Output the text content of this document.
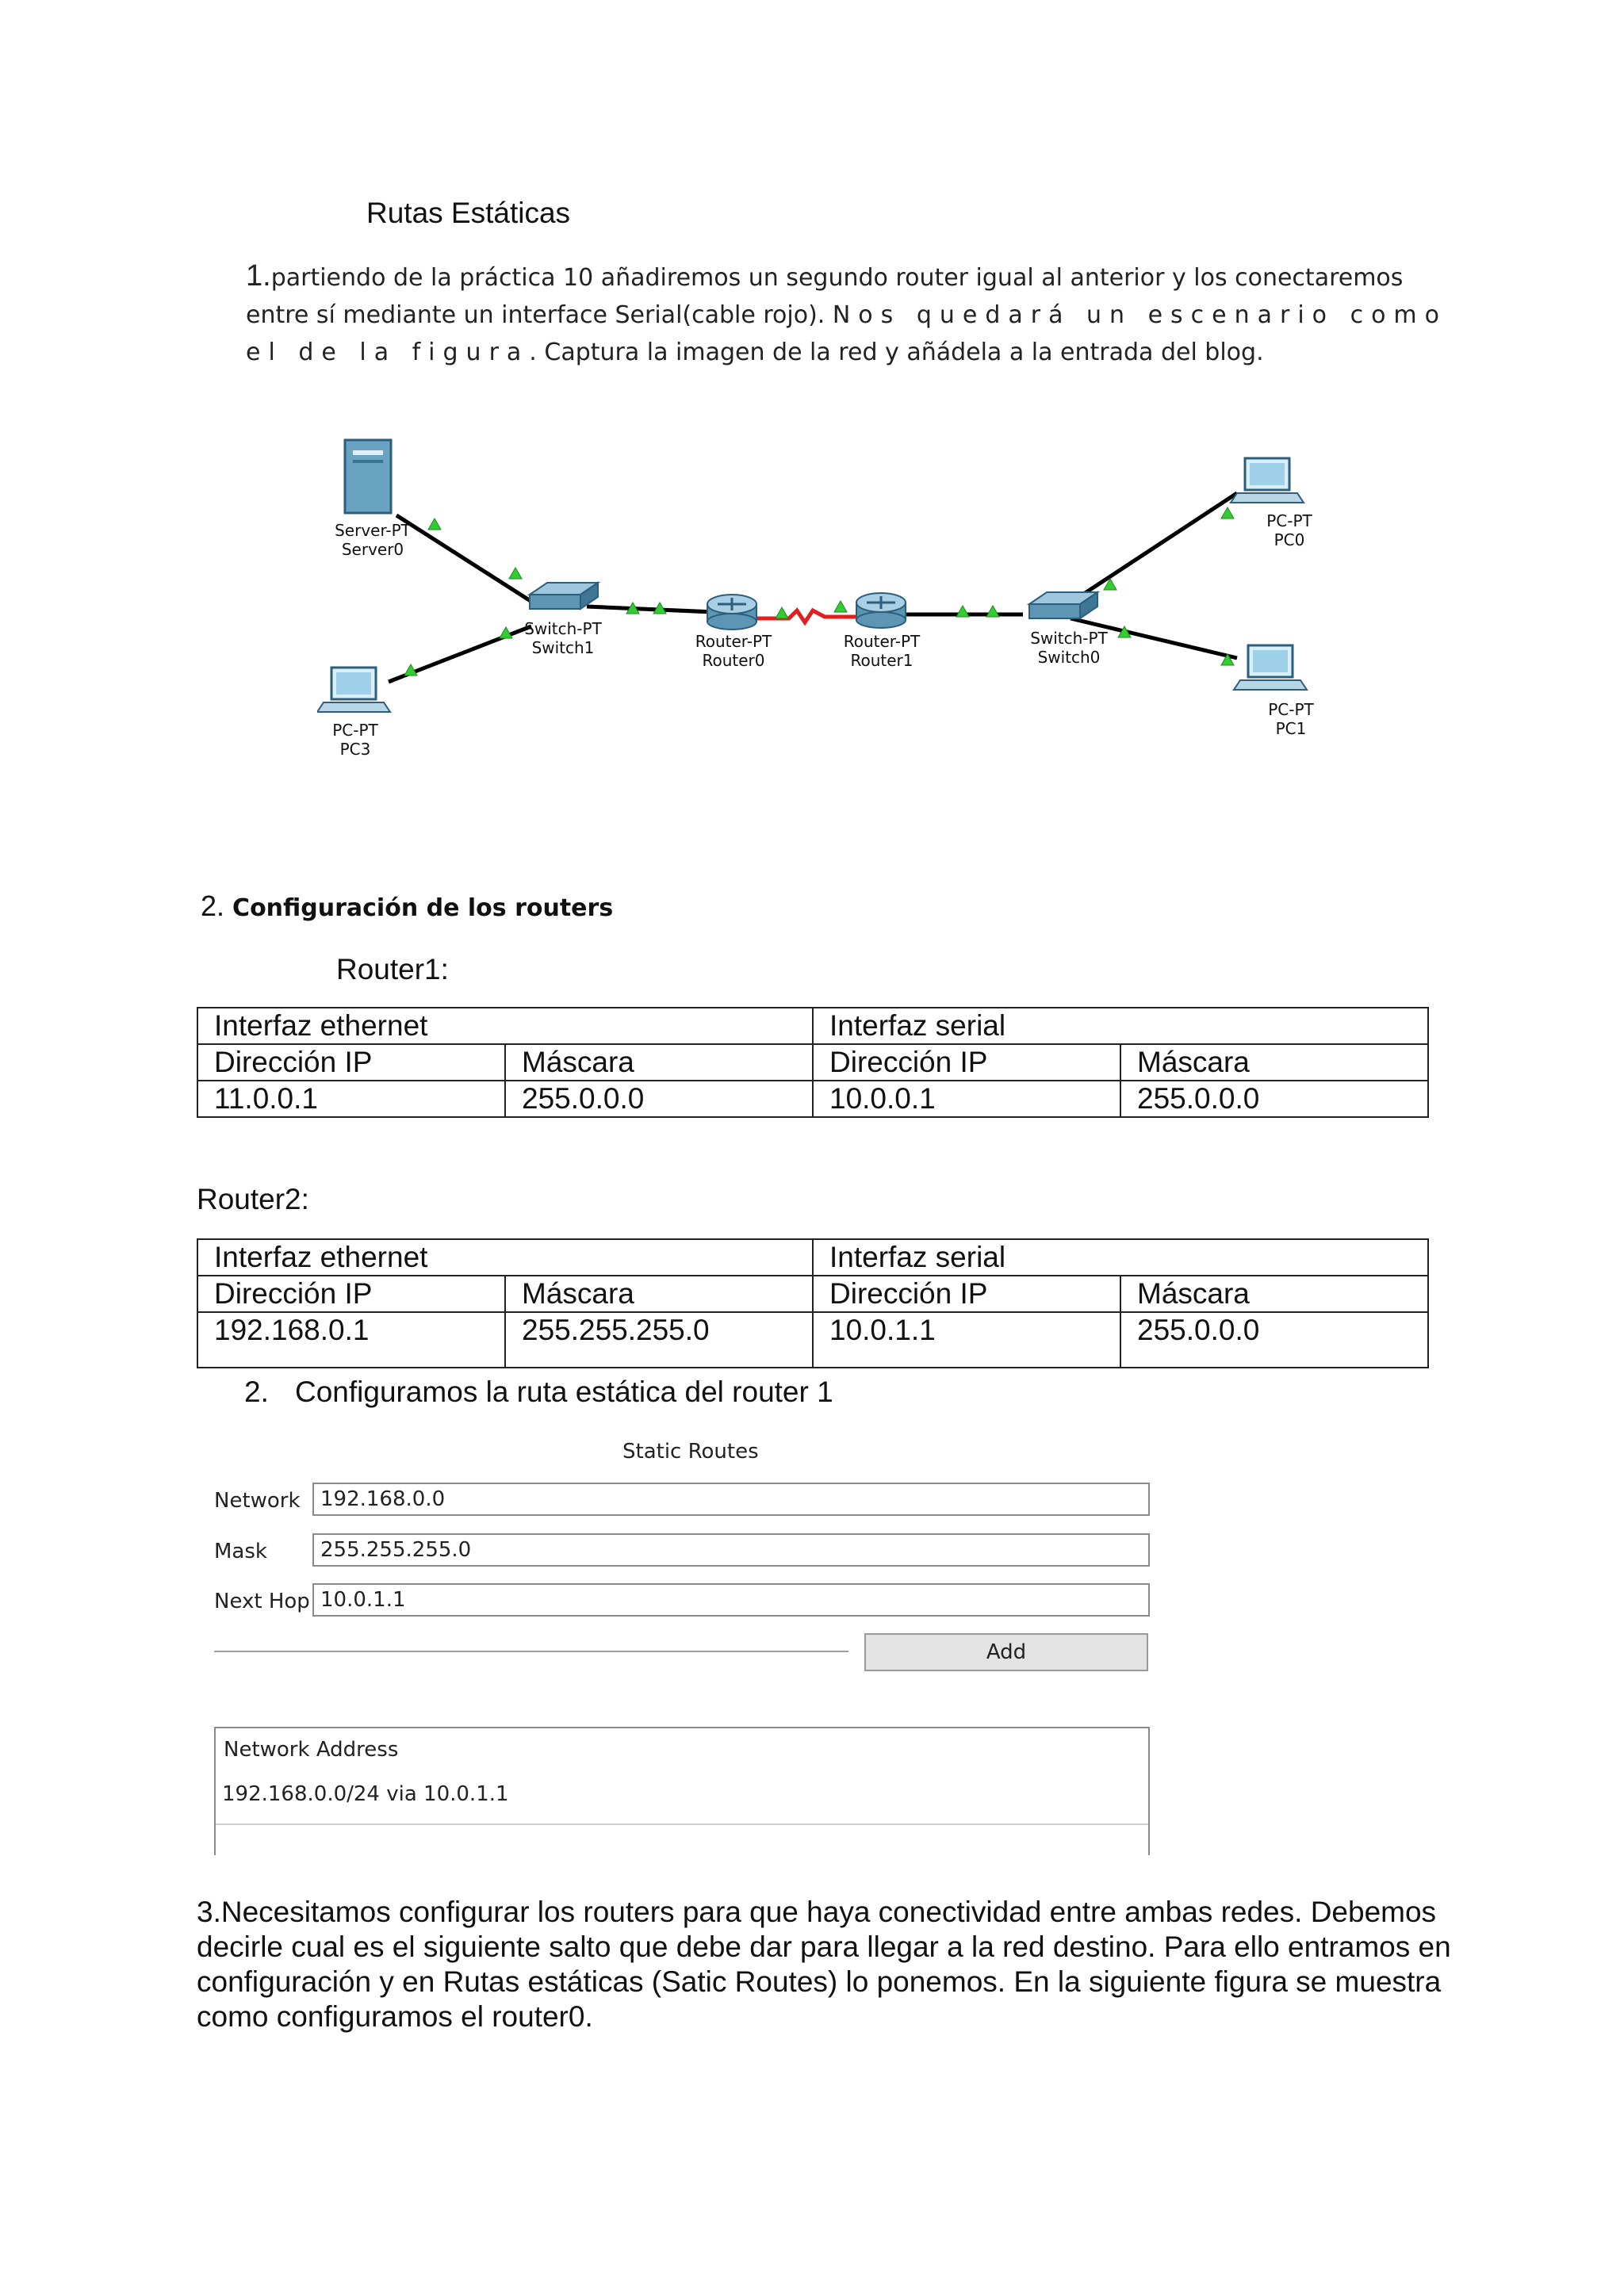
Rutas Estáticas
1.partiendo de la práctica 10 añadiremos un segundo router igual al anterior y los conectaremos entre sí mediante un interface Serial(cable rojo). Nos quedará un escenario como el de la figura. Captura la imagen de la red y añádela a la entrada del blog.
Server-PT
Server0
Switch-PT
Switch1	Router-PT
Router0
Router-PT
Router1
Switch-PT
Switch0
PC-PT
PC0
PC-PT
PC1
PC-PT
PC3
2. Configuración de los routers
Router1:
Interfaz ethernet		Interfaz serial	
Dirección IP	Máscara	Dirección IP	Máscara
11.0.0.1	255.0.0.0	10.0.0.1	255.0.0.0
Router2:
Interfaz ethernet		Interfaz serial	
Dirección IP	Máscara	Dirección IP	Máscara
192.168.0.1	255.255.255.0	10.0.1.1	255.0.0.0
2. Configuramos la ruta estática del router 1
Static Routes
Network 192.168.0.0
Mask	255.255.255.0
Next Hop 10.0.1.1
Add
Network Address
192.168.0.0/24 via 10.0.1.1
3.Necesitamos configurar los routers para que haya conectividad entre ambas redes. Debemos decirle cual es el siguiente salto que debe dar para llegar a la red destino. Para ello entramos en configuración y en Rutas estáticas (Satic Routes) lo ponemos. En la siguiente figura se muestra como configuramos el router0.
